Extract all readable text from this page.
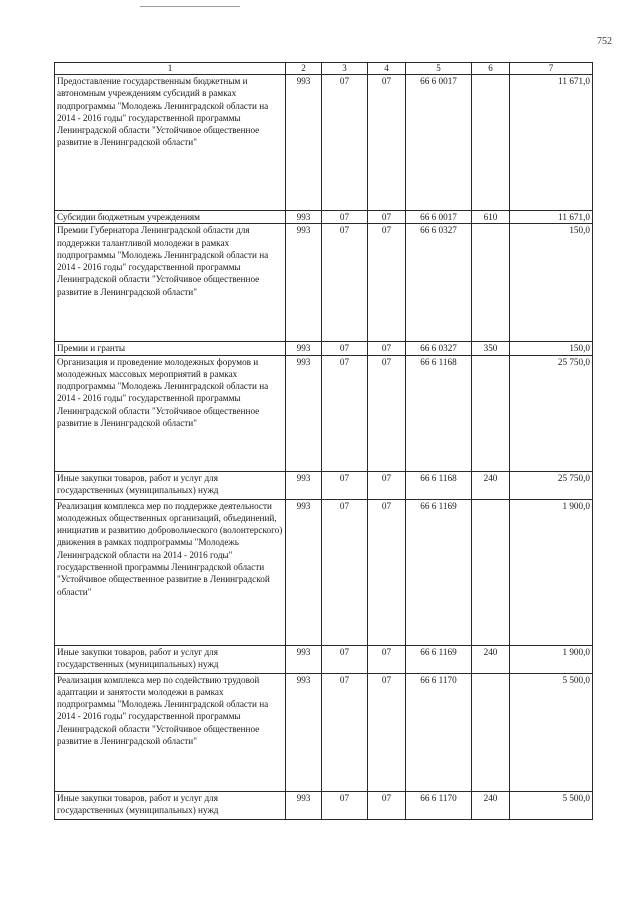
752
1	2	3	4	5	6	7
Предоставление государственным бюджетным и автономным учреждениям субсидий в рамках подпрограммы "Молодежь Ленинградской области на 2014 - 2016 годы" государственной программы Ленинградской области "Устойчивое общественное развитие в Ленинградской области"	993	07	07	66 6 0017		11 671,0
Субсидии бюджетным учреждениям	993	07	07	66 6 0017	610	11 671,0
Премии Губернатора Ленинградской области для поддержки талантливой молодежи в рамках подпрограммы "Молодежь Ленинградской области на 2014 - 2016 годы" государственной программы Ленинградской области "Устойчивое общественное развитие в Ленинградской области"	993	07	07	66 6 0327		150,0
Премии и гранты	993	07	07	66 6 0327	350	150,0
Организация и проведение молодежных форумов и молодежных массовых мероприятий в рамках подпрограммы "Молодежь Ленинградской области на 2014 - 2016 годы" государственной программы Ленинградской области "Устойчивое общественное развитие в Ленинградской области"	993	07	07	66 6 1168		25 750,0
Иные закупки товаров, работ и услуг для государственных (муниципальных) нужд	993	07	07	66 6 1168	240	25 750,0
Реализация комплекса мер по поддержке деятельности молодежных общественных организаций, объединений, инициатив и развитию добровольческого (волонтерского) движения в рамках подпрограммы "Молодежь Ленинградской области на 2014 - 2016 годы" государственной программы Ленинградской области "Устойчивое общественное развитие в Ленинградской области"	993	07	07	66 6 1169		1 900,0
Иные закупки товаров, работ и услуг для государственных (муниципальных) нужд	993	07	07	66 6 1169	240	1 900,0
Реализация комплекса мер по содействию трудовой адаптации и занятости молодежи в рамках подпрограммы "Молодежь Ленинградской области на 2014 - 2016 годы" государственной программы Ленинградской области "Устойчивое общественное развитие в Ленинградской области"	993	07	07	66 6 1170		5 500,0
Иные закупки товаров, работ и услуг для государственных (муниципальных) нужд	993	07	07	66 6 1170	240	5 500,0
